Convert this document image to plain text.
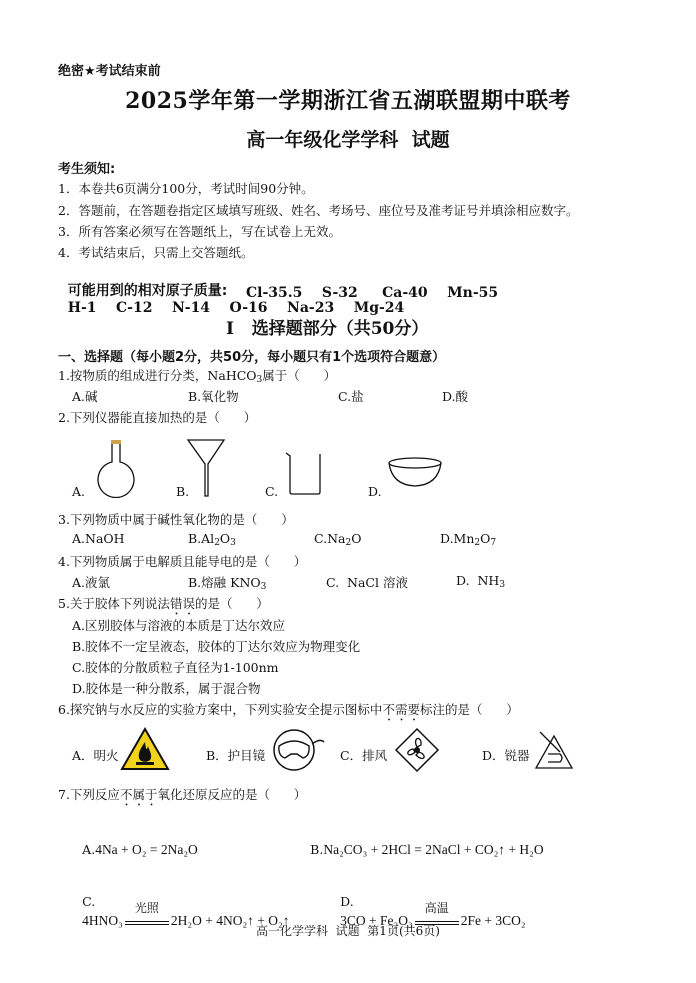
绝密★考试结束前
2025学年第一学期浙江省五湖联盟期中联考
高一年级化学学科  试题
考生须知:
1．本卷共6页满分100分，考试时间90分钟。
2．答题前，在答题卷指定区域填写班级、姓名、考场号、座位号及准考证号并填涂相应数字。
3．所有答案必须写在答题纸上，写在试卷上无效。
4．考试结束后，只需上交答题纸。

可能用到的相对原子质量:
H-1    C-12    N-14    O-16    Na-23    Mg-24

Cl-35.5    S-32     Ca-40    Mn-55
I   选择题部分（共50分）
一、选择题（每小题2分，共50分，每小题只有1个选项符合题意）
1.按物质的组成进行分类，NaHCO$_3$属于（      ）
A.碱	B.氧化物	C.盐	D.酸
2.下列仪器能直接加热的是（      ）
A.	B.	C.	D.
3.下列物质中属于碱性氧化物的是（      ）
A.NaOH	$B.Al_2O_3$	$C.Na_2O$	$D.Mn_2O_7$
4.下列物质属于电解质且能导电的是（      ）
A.液氯	B.熔融 $KNO_3$	C.  NaCl 溶液	D.  $NH_3$
5.关于胶体下列说法错误的是（      ）
A.区别胶体与溶液的本质是丁达尔效应
B.胶体不一定呈液态，胶体的丁达尔效应为物理变化
C.胶体的分散质粒子直径为1-100nm
D.胶体是一种分散系，属于混合物
6.探究钠与水反应的实验方案中，下列实验安全提示图标中不需要标注的是（      ）
A．明火	B．护目镜	C．排风	D．锐器
7.下列反应不属于氧化还原反应的是（      ）

A.4Na + O₂ = 2Na₂O	B.Na₂CO₃ + 2HCl = 2NaCl + CO₂↑ + H₂O

C.
4HNO₃
光照
2H₂O + 4NO₂↑ + O₂↑

D.
3CO + Fe₂O₃
高温
2Fe + 3CO₂

高一化学学科  试题  第1页(共6页)
